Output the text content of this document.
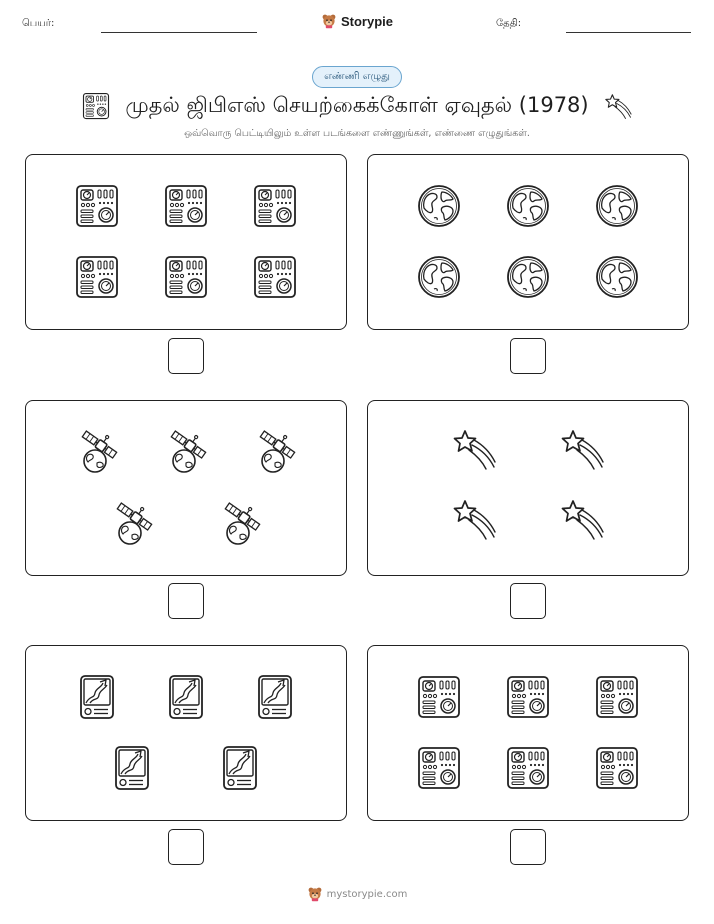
பெயர்:	Storypie	தேதி:
எண்ணி எழுது
முதல் ஜிபிஎஸ் செயற்கைக்கோள் ஏவுதல் (1978)
ஒவ்வொரு பெட்டியிலும் உள்ள படங்களை எண்ணுங்கள், எண்ணை எழுதுங்கள்.
mystorypie.com
